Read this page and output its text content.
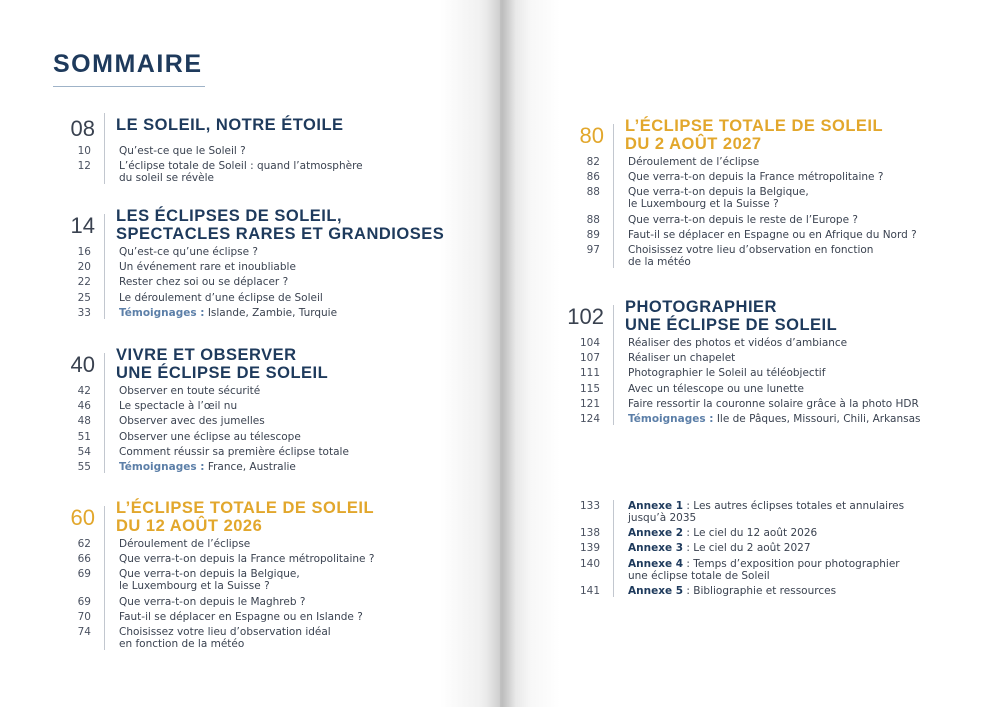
SOMMAIRE
08 LE SOLEIL, NOTRE ÉTOILE
10	Qu’est-ce que le Soleil ?
12	L’éclipse totale de Soleil : quand l’atmosphère
du soleil se révèle
14 LES ÉCLIPSES DE SOLEIL,
SPECTACLES RARES ET GRANDIOSES
16	Qu’est-ce qu’une éclipse ?
20	Un événement rare et inoubliable
22	Rester chez soi ou se déplacer ?
25	Le déroulement d’une éclipse de Soleil
33	Témoignages : Islande, Zambie, Turquie
40 VIVRE ET OBSERVER
UNE ÉCLIPSE DE SOLEIL
42	Observer en toute sécurité
46	Le spectacle à l’œil nu
48	Observer avec des jumelles
51	Observer une éclipse au télescope
54	Comment réussir sa première éclipse totale
55	Témoignages : France, Australie
60 L’ÉCLIPSE TOTALE DE SOLEIL
DU 12 AOÛT 2026
62	Déroulement de l’éclipse
66	Que verra-t-on depuis la France métropolitaine ?
69	Que verra-t-on depuis la Belgique,
le Luxembourg et la Suisse ?
69	Que verra-t-on depuis le Maghreb ?
70	Faut-il se déplacer en Espagne ou en Islande ?
74	Choisissez votre lieu d’observation idéal
en fonction de la météo
80 L’ÉCLIPSE TOTALE DE SOLEIL
DU 2 AOÛT 2027
82	Déroulement de l’éclipse
86	Que verra-t-on depuis la France métropolitaine ?
88	Que verra-t-on depuis la Belgique,
le Luxembourg et la Suisse ?
88	Que verra-t-on depuis le reste de l’Europe ?
89	Faut-il se déplacer en Espagne ou en Afrique du Nord ?
97	Choisissez votre lieu d’observation en fonction
de la météo
102 PHOTOGRAPHIER
UNE ÉCLIPSE DE SOLEIL
104	Réaliser des photos et vidéos d’ambiance
107	Réaliser un chapelet
111	Photographier le Soleil au téléobjectif
115	Avec un télescope ou une lunette
121	Faire ressortir la couronne solaire grâce à la photo HDR
124	Témoignages : Ile de Pâques, Missouri, Chili, Arkansas
133	Annexe 1 : Les autres éclipses totales et annulaires
jusqu’à 2035
138	Annexe 2 : Le ciel du 12 août 2026
139	Annexe 3 : Le ciel du 2 août 2027
140	Annexe 4 : Temps d’exposition pour photographier
une éclipse totale de Soleil
141	Annexe 5 : Bibliographie et ressources
